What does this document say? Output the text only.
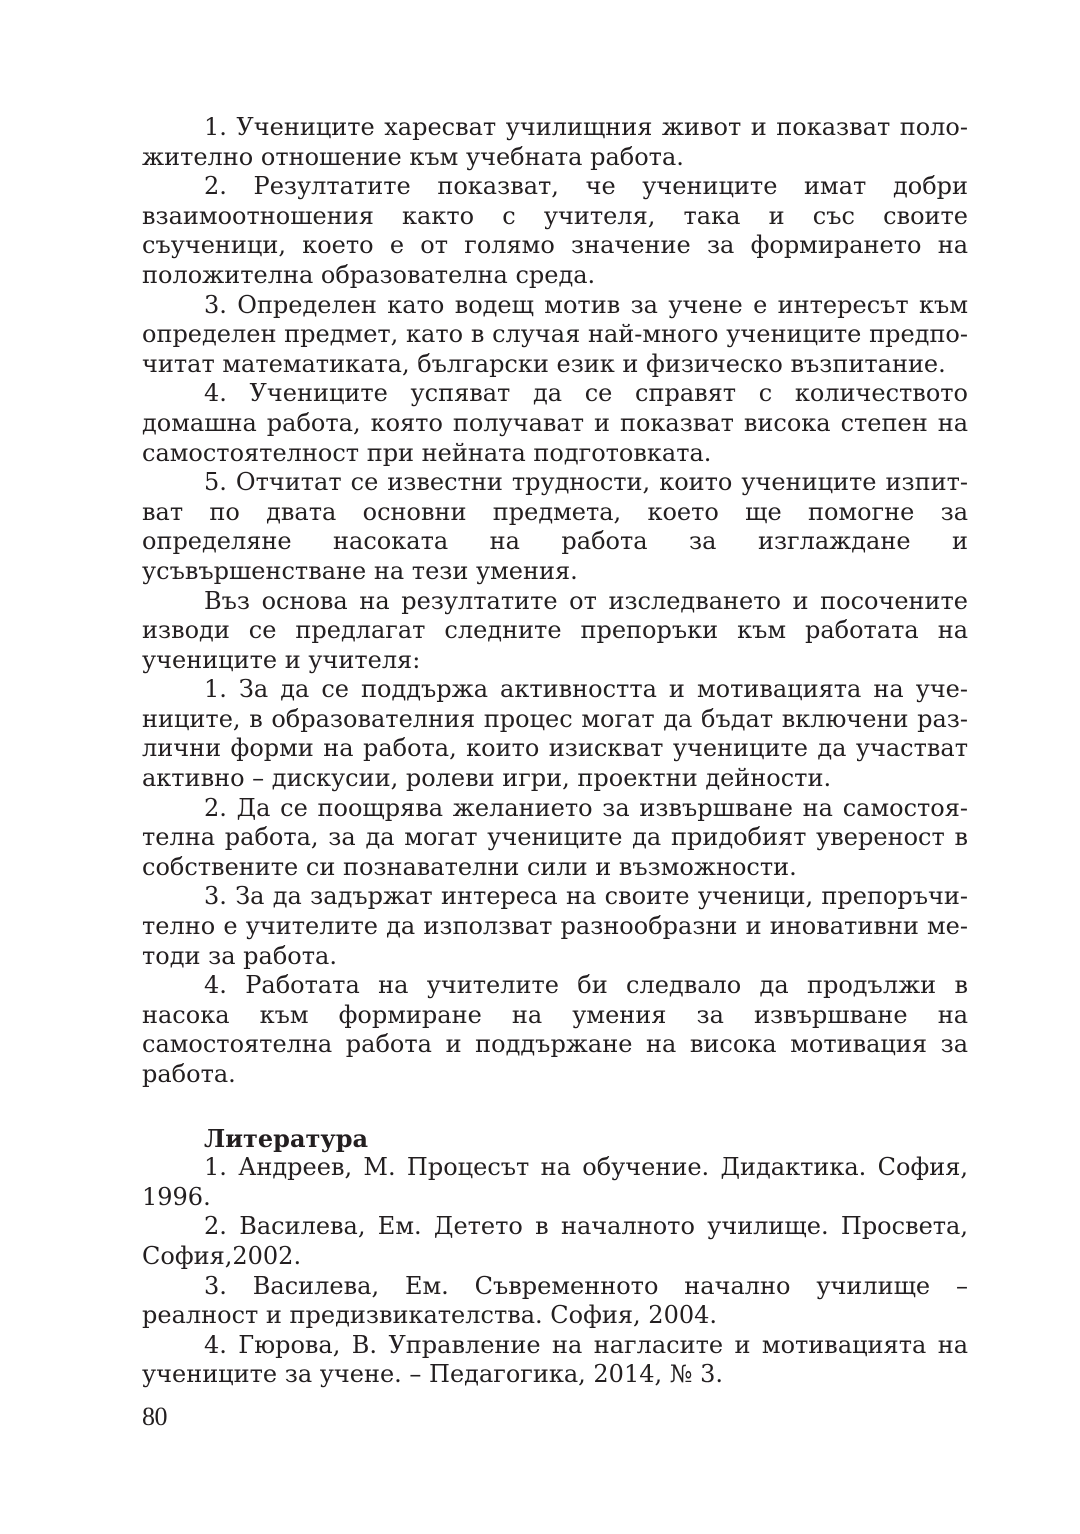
1. Учениците харесват училищния живот и показват положително отношение към учебната работа.

2. Резултатите показват, че учениците имат добри взаимоотношения както с учителя, така и със своите съученици, което е от голямо значение за формирането на положителна образователна среда.

3. Определен като водещ мотив за учене е интересът към определен предмет, като в случая най-много учениците предпочитат математиката, български език и физическо възпитание.

4. Учениците успяват да се справят с количеството домашна работа, която получават и показват висока степен на самостоятелност при нейната подготовката.

5. Отчитат се известни трудности, които учениците изпитват по двата основни предмета, което ще помогне за определяне насоката на работа за изглаждане и усъвършенстване на тези умения.

Въз основа на резултатите от изследването и посочените изводи се предлагат следните препоръки към работата на учениците и учителя:

1. За да се поддържа активността и мотивацията на учениците, в образователния процес могат да бъдат включени различни форми на работа, които изискват учениците да участват активно – дискусии, ролеви игри, проектни дейности.

2. Да се поощрява желанието за извършване на самостоятелна работа, за да могат учениците да придобият увереност в собствените си познавателни сили и възможности.

3. За да задържат интереса на своите ученици, препоръчително е учителите да използват разнообразни и иновативни методи за работа.

4. Работата на учителите би следвало да продължи в насока към формиране на умения за извършване на самостоятелна работа и поддържане на висока мотивация за работа.

Литература

1. Андреев, М. Процесът на обучение. Дидактика. София, 1996.

2. Василева, Ем. Детето в началното училище. Просвета, София,2002.

3. Василева, Ем. Съвременното начално училище – реалност и предизвикателства. София, 2004.

4. Гюрова, В. Управление на нагласите и мотивацията на учениците за учене. – Педагогика, 2014, № 3.

80
